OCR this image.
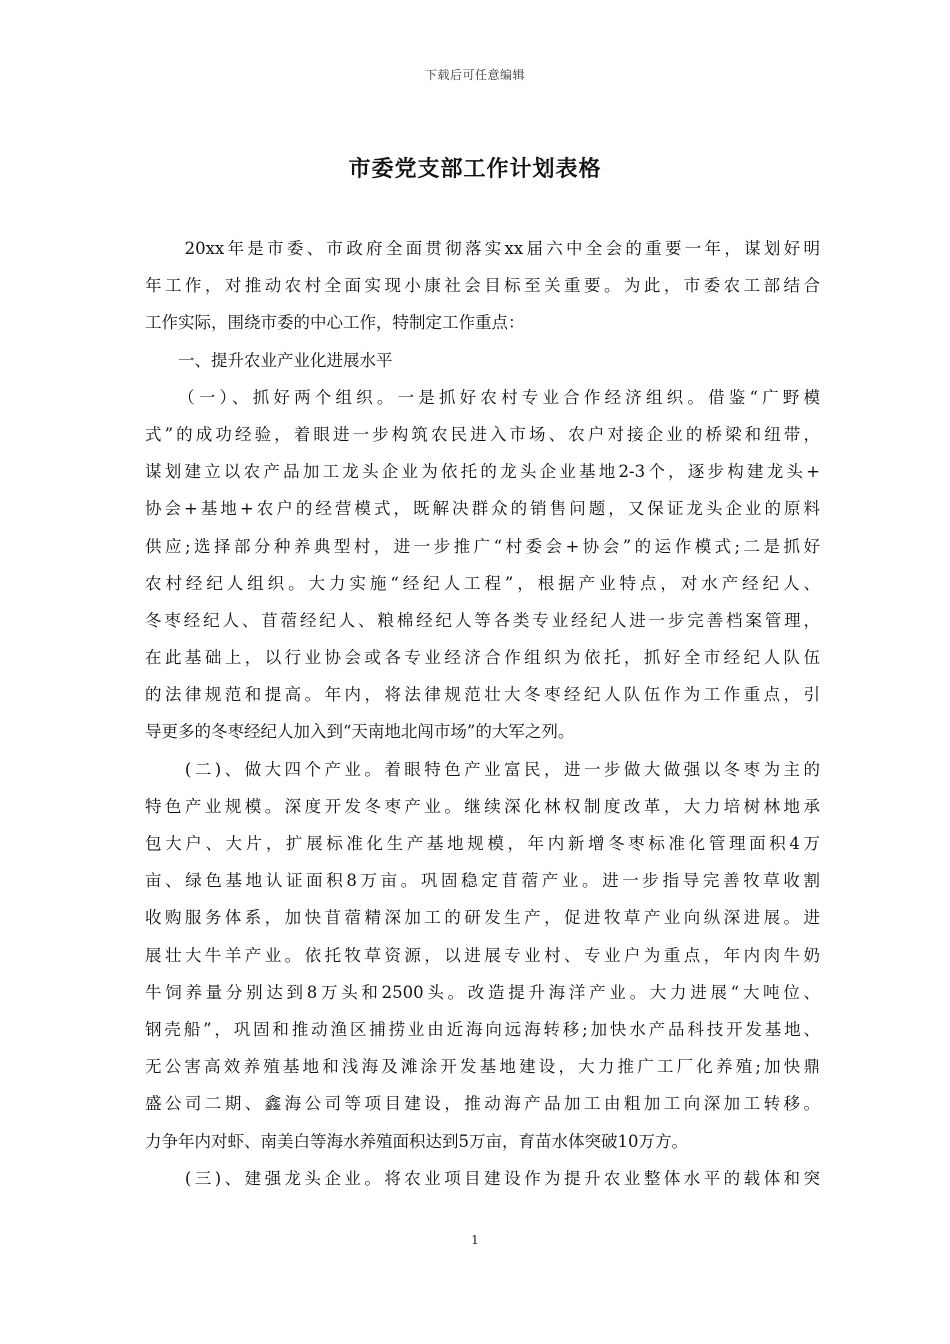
下载后可任意编辑
市委党支部工作计划表格
　　20xx年是市委、市政府全面贯彻落实xx届六中全会的重要一年，谋划好明
年工作，对推动农村全面实现小康社会目标至关重要。为此，市委农工部结合
工作实际，围绕市委的中心工作，特制定工作重点：
　　一、提升农业产业化进展水平
　　（一）、抓好两个组织。一是抓好农村专业合作经济组织。借鉴“广野模
式”的成功经验，着眼进一步构筑农民进入市场、农户对接企业的桥梁和纽带，
谋划建立以农产品加工龙头企业为依托的龙头企业基地2-3个，逐步构建龙头+
协会+基地+农户的经营模式，既解决群众的销售问题，又保证龙头企业的原料
供应;选择部分种养典型村，进一步推广“村委会+协会”的运作模式;二是抓好
农村经纪人组织。大力实施“经纪人工程”，根据产业特点，对水产经纪人、
冬枣经纪人、苜蓿经纪人、粮棉经纪人等各类专业经纪人进一步完善档案管理，
在此基础上，以行业协会或各专业经济合作组织为依托，抓好全市经纪人队伍
的法律规范和提高。年内，将法律规范壮大冬枣经纪人队伍作为工作重点，引
导更多的冬枣经纪人加入到“天南地北闯市场”的大军之列。
　　(二)、做大四个产业。着眼特色产业富民，进一步做大做强以冬枣为主的
特色产业规模。深度开发冬枣产业。继续深化林权制度改革，大力培树林地承
包大户、大片，扩展标准化生产基地规模，年内新增冬枣标准化管理面积4万
亩、绿色基地认证面积8万亩。巩固稳定苜蓿产业。进一步指导完善牧草收割
收购服务体系，加快苜蓿精深加工的研发生产，促进牧草产业向纵深进展。进
展壮大牛羊产业。依托牧草资源，以进展专业村、专业户为重点，年内肉牛奶
牛饲养量分别达到8万头和2500头。改造提升海洋产业。大力进展“大吨位、
钢壳船”，巩固和推动渔区捕捞业由近海向远海转移;加快水产品科技开发基地、
无公害高效养殖基地和浅海及滩涂开发基地建设，大力推广工厂化养殖;加快鼎
盛公司二期、鑫海公司等项目建设，推动海产品加工由粗加工向深加工转移。
力争年内对虾、南美白等海水养殖面积达到5万亩，育苗水体突破10万方。
　　(三)、建强龙头企业。将农业项目建设作为提升农业整体水平的载体和突
1
